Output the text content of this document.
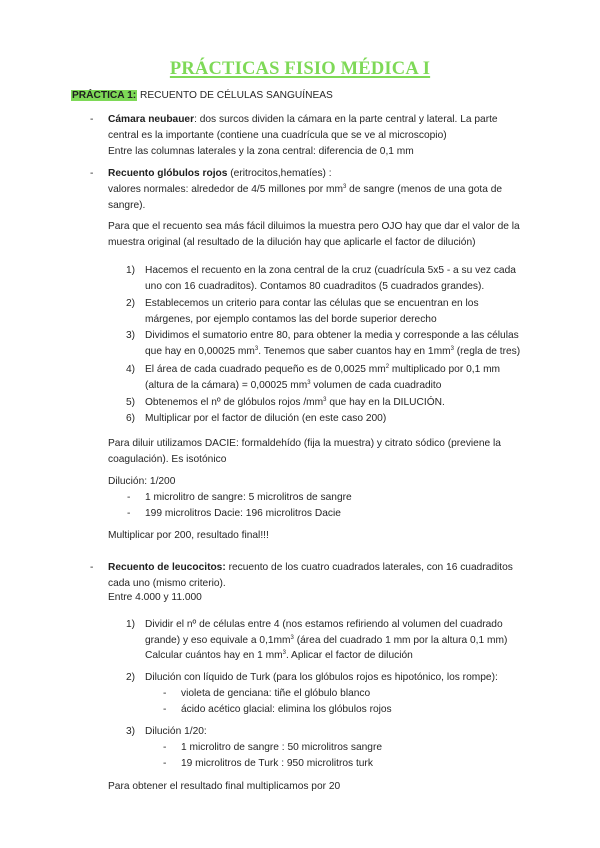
PRÁCTICAS FISIO MÉDICA I
PRÁCTICA 1: RECUENTO DE CÉLULAS SANGUÍNEAS
- Cámara neubauer: dos surcos dividen la cámara en la parte central y lateral. La parte
central es la importante (contiene una cuadrícula que se ve al microscopio)
Entre las columnas laterales y la zona central: diferencia de 0,1 mm
- Recuento glóbulos rojos (eritrocitos,hematíes) :
valores normales: alrededor de 4/5 millones por $mm^3$ de sangre (menos de una gota de
sangre).
Para que el recuento sea más fácil diluimos la muestra pero OJO hay que dar el valor de la
muestra original (al resultado de la dilución hay que aplicarle el factor de dilución)
1) Hacemos el recuento en la zona central de la cruz (cuadrícula 5x5 - a su vez cada
uno con 16 cuadraditos). Contamos 80 cuadraditos (5 cuadrados grandes).
2) Establecemos un criterio para contar las células que se encuentran en los
márgenes, por ejemplo contamos las del borde superior derecho
3) Dividimos el sumatorio entre 80, para obtener la media y corresponde a las células
que hay en 0,00025 $mm^3$. Tenemos que saber cuantos hay en $1mm^3$ (regla de tres)
4) El área de cada cuadrado pequeño es de 0,0025 $mm^2$ multiplicado por 0,1 mm
(altura de la cámara) = 0,00025 $mm^3$ volumen de cada cuadradito
5) Obtenemos el nº de glóbulos rojos $/mm^3$ que hay en la DILUCIÓN.
6) Multiplicar por el factor de dilución (en este caso 200)
Para diluir utilizamos DACIE: formaldehído (fija la muestra) y citrato sódico (previene la
coagulación). Es isotónico
Dilución: 1/200
- 1 microlitro de sangre: 5 microlitros de sangre
- 199 microlitros Dacie: 196 microlitros Dacie
Multiplicar por 200, resultado final!!!
- Recuento de leucocitos: recuento de los cuatro cuadrados laterales, con 16 cuadraditos
cada uno (mismo criterio).
Entre 4.000 y 11.000
1) Dividir el nº de células entre 4 (nos estamos refiriendo al volumen del cuadrado
grande) y eso equivale a $0,1mm^3$ (área del cuadrado 1 mm por la altura 0,1 mm)
Calcular cuántos hay en 1 $mm^3$. Aplicar el factor de dilución
2) Dilución con líquido de Turk (para los glóbulos rojos es hipotónico, los rompe):
- violeta de genciana: tiñe el glóbulo blanco
- ácido acético glacial: elimina los glóbulos rojos
3) Dilución 1/20:
- 1 microlitro de sangre : 50 microlitros sangre
- 19 microlitros de Turk : 950 microlitros turk
Para obtener el resultado final multiplicamos por 20
